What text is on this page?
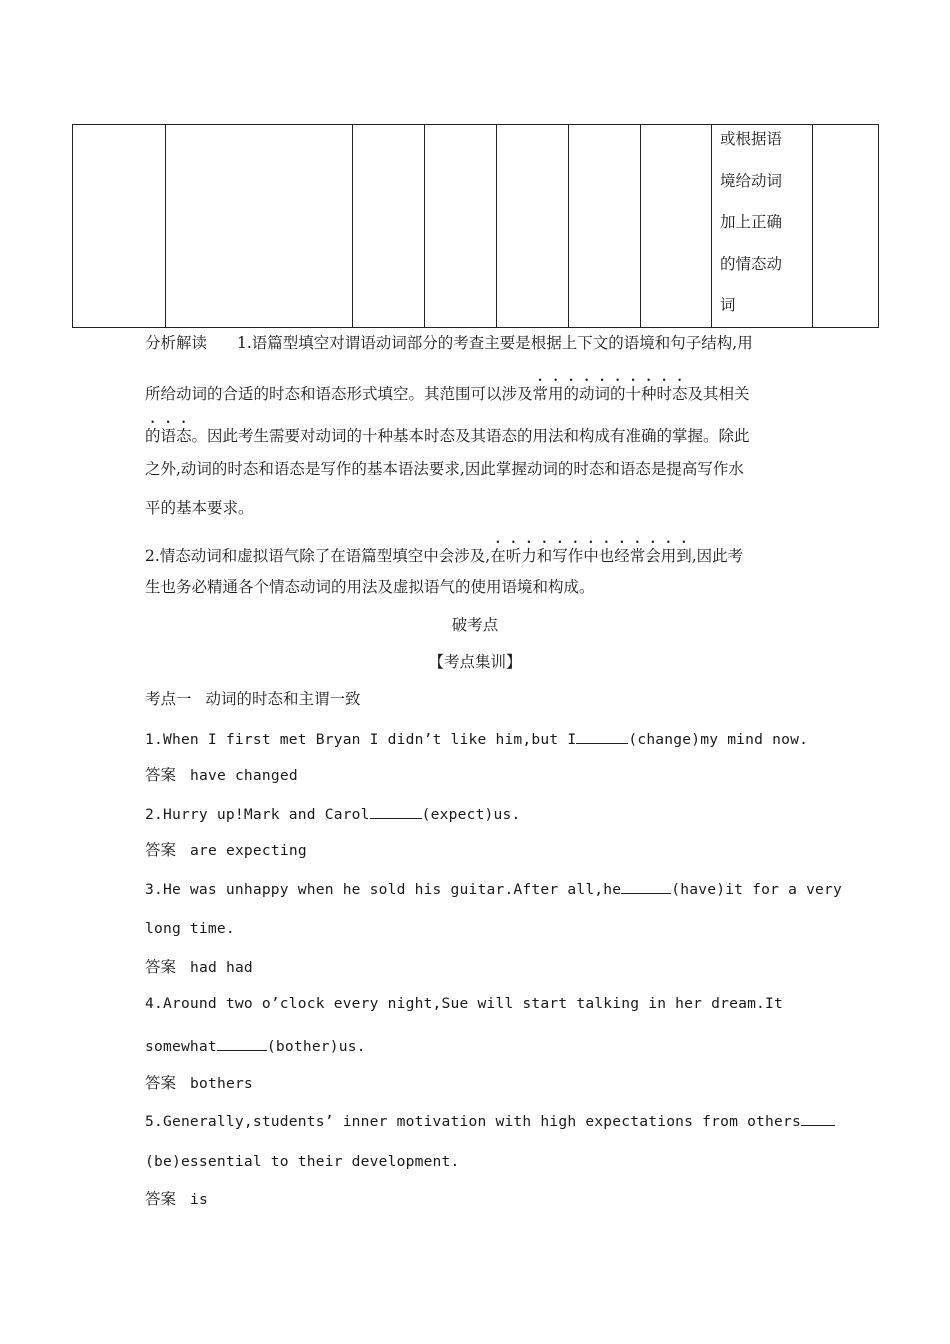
或根据语
境给动词
加上正确
的情态动
词

分析解读 1.语篇型填空对谓语动词部分的考查主要是根据上下文的语境和句子结构,用
所给动词的合适的时态和语态形式填空。其范围可以涉及常用的动词的十种时态及其相关
的语态。因此考生需要对动词的十种基本时态及其语态的用法和构成有准确的掌握。除此
之外,动词的时态和语态是写作的基本语法要求,因此掌握动词的时态和语态是提高写作水
平的基本要求。
2.情态动词和虚拟语气除了在语篇型填空中会涉及,在听力和写作中也经常会用到,因此考
生也务必精通各个情态动词的用法及虚拟语气的使用语境和构成。
破考点
【考点集训】
考点一 动词的时态和主谓一致
1.When I first met Bryan I didn’t like him,but I	(change)my mind now.
答案 have changed
2.Hurry up!Mark and Carol	(expect)us.
答案 are expecting
3.He was unhappy when he sold his guitar.After all,he	(have)it for a very
long time.
答案 had had
4.Around two o’clock every night,Sue will start talking in her dream.It
somewhat	(bother)us.
答案 bothers
5.Generally,students’ inner motivation with high expectations from others
(be)essential to their development.
答案 is
